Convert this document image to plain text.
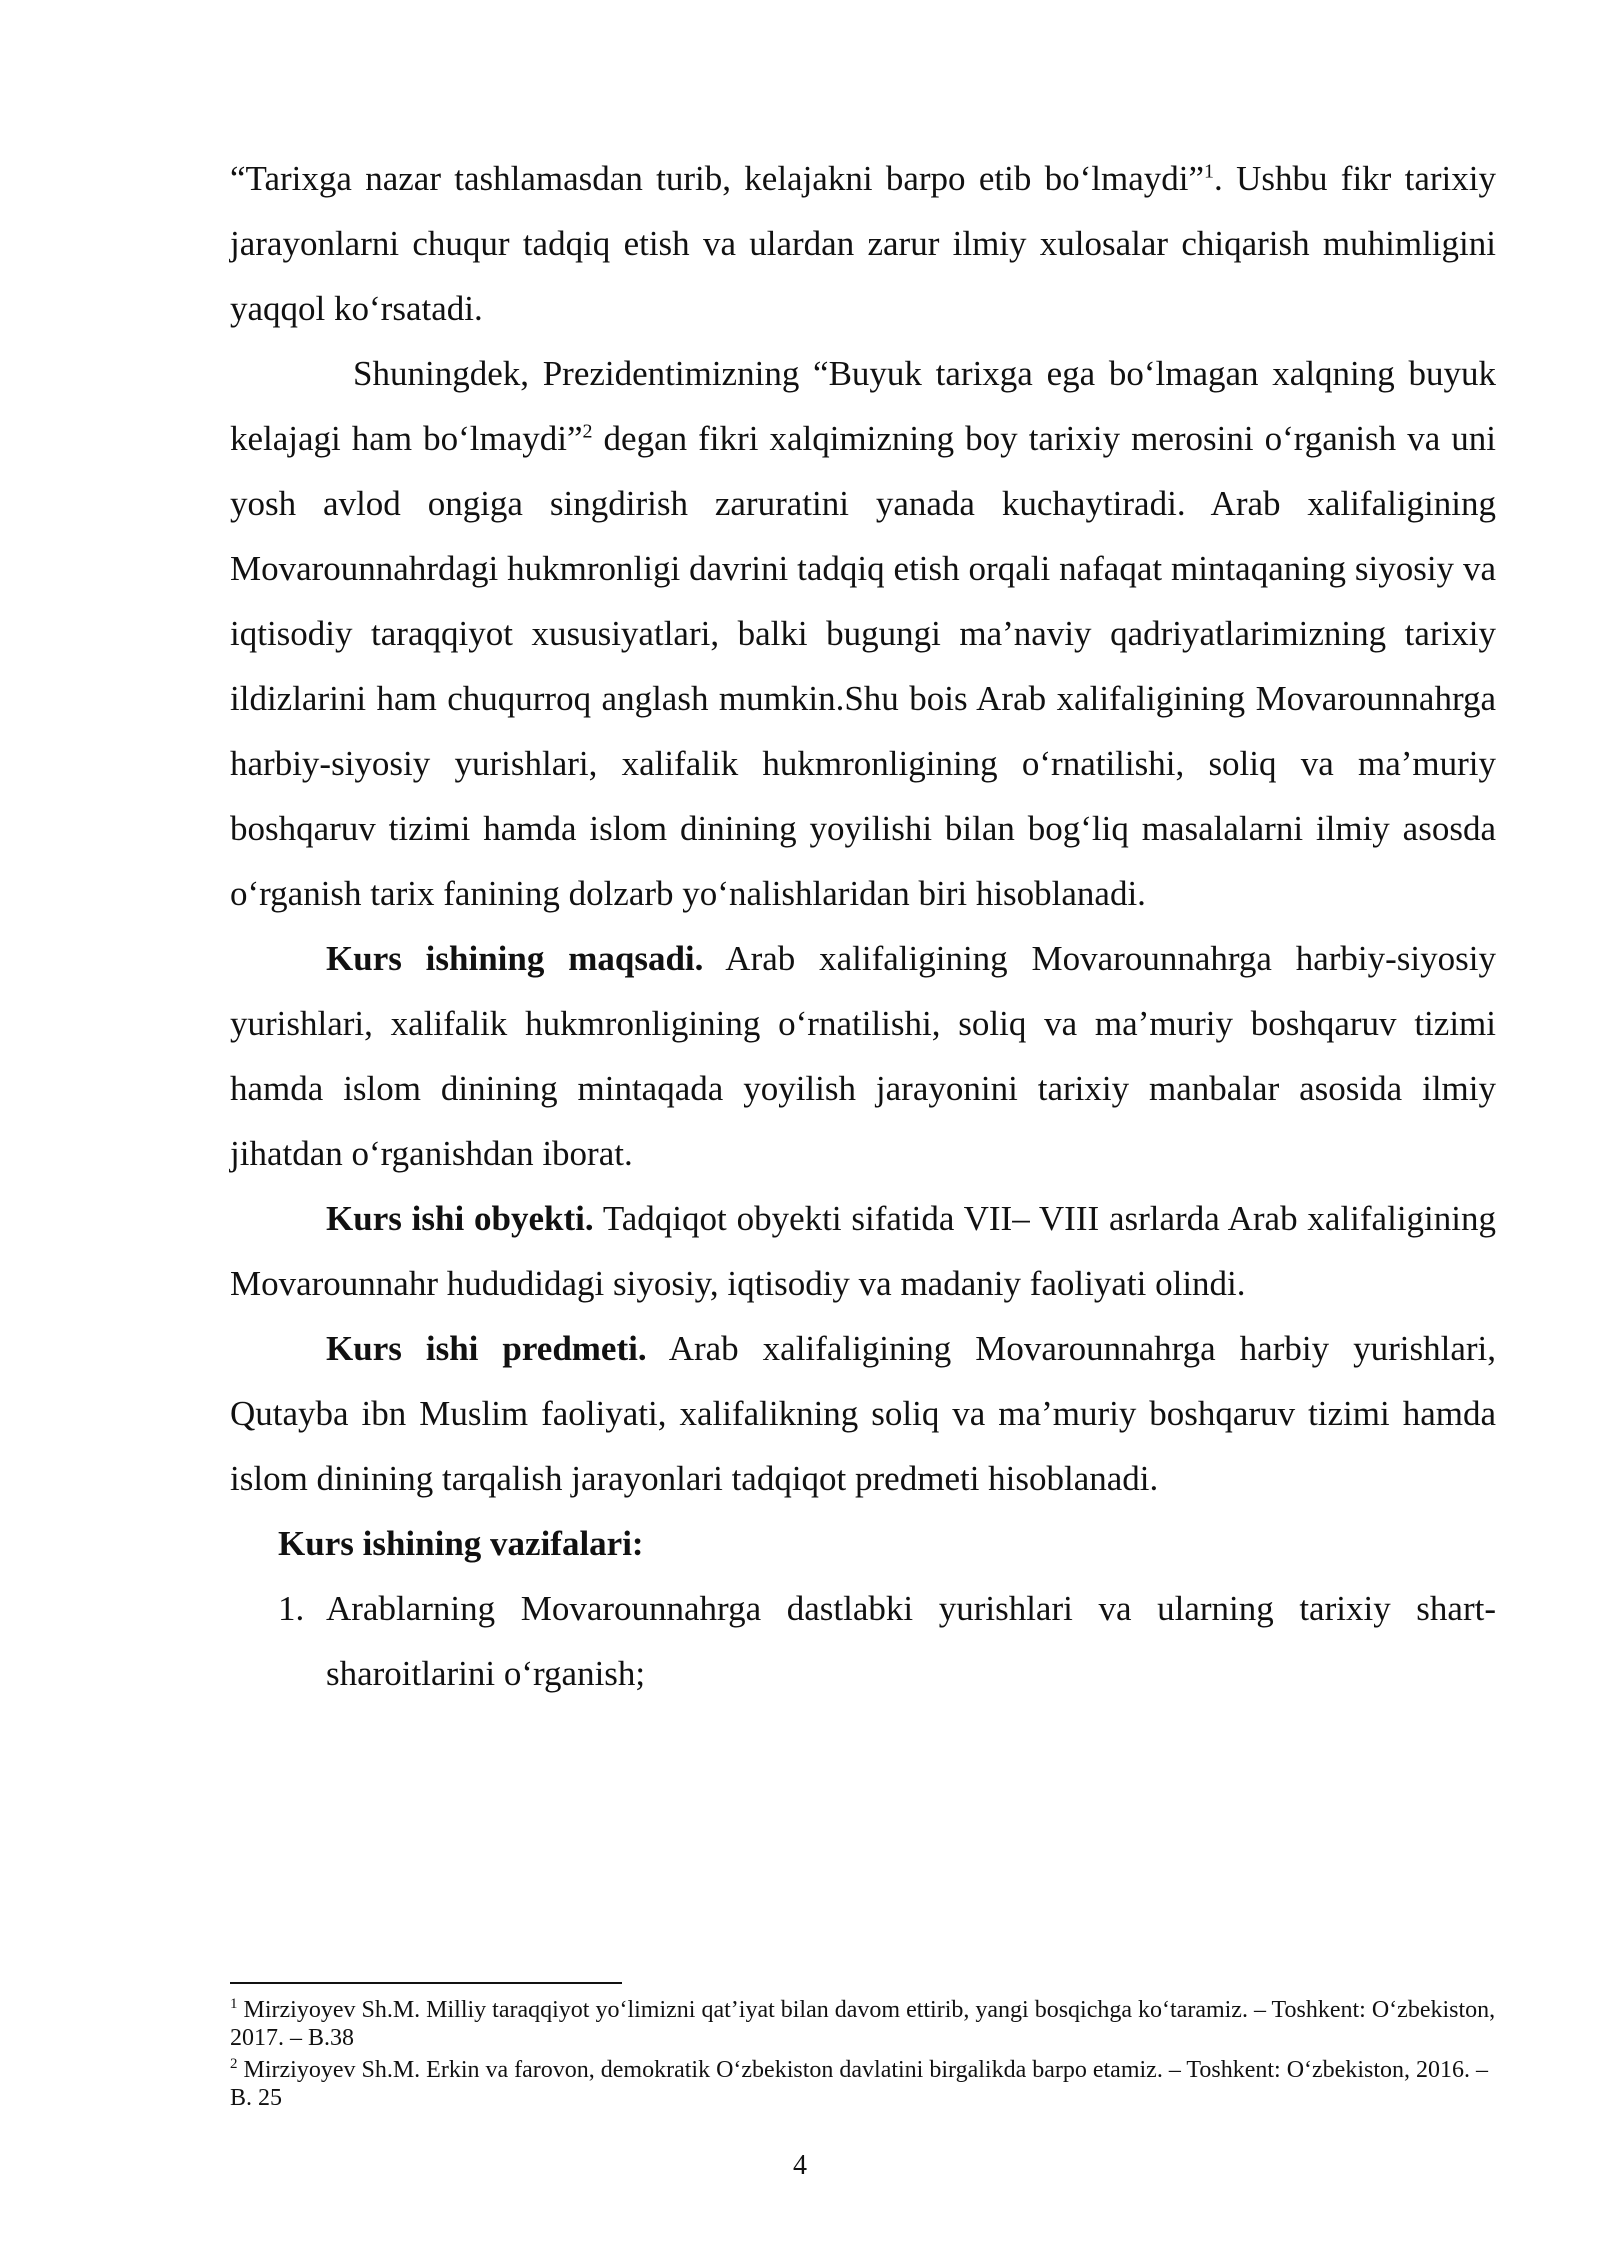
“Tarixga nazar tashlamasdan turib, kelajakni barpo etib bo‘lmaydi”$^1$. Ushbu fikr tarixiy jarayonlarni chuqur tadqiq etish va ulardan zarur ilmiy xulosalar chiqarish muhimligini yaqqol ko‘rsatadi.

Shuningdek, Prezidentimizning “Buyuk tarixga ega bo‘lmagan xalqning buyuk kelajagi ham bo‘lmaydi”$^2$ degan fikri xalqimizning boy tarixiy merosini o‘rganish va uni yosh avlod ongiga singdirish zaruratini yanada kuchaytiradi. Arab xalifaligining Movarounnahrdagi hukmronligi davrini tadqiq etish orqali nafaqat mintaqaning siyosiy va iqtisodiy taraqqiyot xususiyatlari, balki bugungi ma’naviy qadriyatlarimizning tarixiy ildizlarini ham chuqurroq anglash mumkin.Shu bois Arab xalifaligining Movarounnahrga harbiy-siyosiy yurishlari, xalifalik hukmronligining o‘rnatilishi, soliq va ma’muriy boshqaruv tizimi hamda islom dinining yoyilishi bilan bog‘liq masalalarni ilmiy asosda o‘rganish tarix fanining dolzarb yo‘nalishlaridan biri hisoblanadi.

Kurs ishining maqsadi. Arab xalifaligining Movarounnahrga harbiy-siyosiy yurishlari, xalifalik hukmronligining o‘rnatilishi, soliq va ma’muriy boshqaruv tizimi hamda islom dinining mintaqada yoyilish jarayonini tarixiy manbalar asosida ilmiy jihatdan o‘rganishdan iborat.

Kurs ishi obyekti. Tadqiqot obyekti sifatida VII– VIII asrlarda Arab xalifaligining Movarounnahr hududidagi siyosiy, iqtisodiy va madaniy faoliyati olindi.

Kurs ishi predmeti. Arab xalifaligining Movarounnahrga harbiy yurishlari, Qutayba ibn Muslim faoliyati, xalifalikning soliq va ma’muriy boshqaruv tizimi hamda islom dinining tarqalish jarayonlari tadqiqot predmeti hisoblanadi.

Kurs ishining vazifalari:

1. Arablarning Movarounnahrga dastlabki yurishlari va ularning tarixiy shart-sharoitlarini o‘rganish;

$^1$ Mirziyoyev Sh.M. Milliy taraqqiyot yo‘limizni qat’iyat bilan davom ettirib, yangi bosqichga ko‘taramiz. – Toshkent: O‘zbekiston, 2017. – B.38

$^2$ Mirziyoyev Sh.M. Erkin va farovon, demokratik O‘zbekiston davlatini birgalikda barpo etamiz. – Toshkent: O‘zbekiston, 2016. – B. 25

4
